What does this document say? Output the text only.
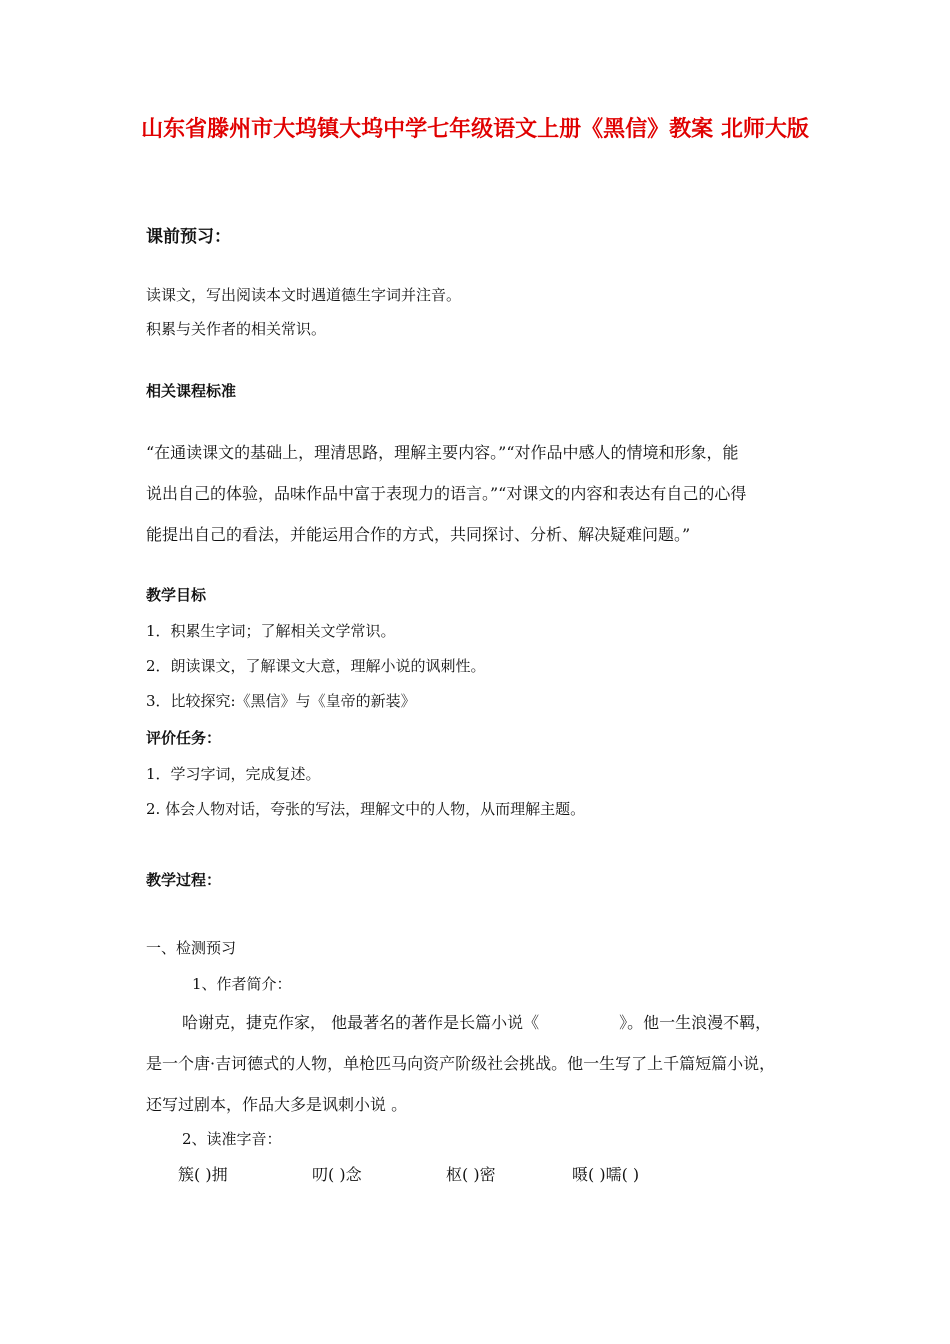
山东省滕州市大坞镇大坞中学七年级语文上册《黑信》教案 北师大版
课前预习：
读课文，写出阅读本文时遇道德生字词并注音。
积累与关作者的相关常识。
相关课程标准
“在通读课文的基础上，理清思路，理解主要内容。”“对作品中感人的情境和形象，能
说出自己的体验，品味作品中富于表现力的语言。”“对课文的内容和表达有自己的心得
能提出自己的看法，并能运用合作的方式，共同探讨、分析、解决疑难问题。”
教学目标
1．积累生字词；了解相关文学常识。
2．朗读课文，了解课文大意，理解小说的讽刺性。
3．比较探究:《黑信》与《皇帝的新装》
评价任务：
1．学习字词，完成复述。
2. 体会人物对话，夸张的写法，理解文中的人物，从而理解主题。
教学过程：
一、检测预习
1、作者简介：
哈谢克，捷克作家， 他最著名的著作是长篇小说《	》。他一生浪漫不羁，
是一个唐·吉诃德式的人物，单枪匹马向资产阶级社会挑战。他一生写了上千篇短篇小说，
还写过剧本，作品大多是讽刺小说 。
2、读准字音：
簇( )拥	叨( )念	枢( )密	嗫( )嚅( )
